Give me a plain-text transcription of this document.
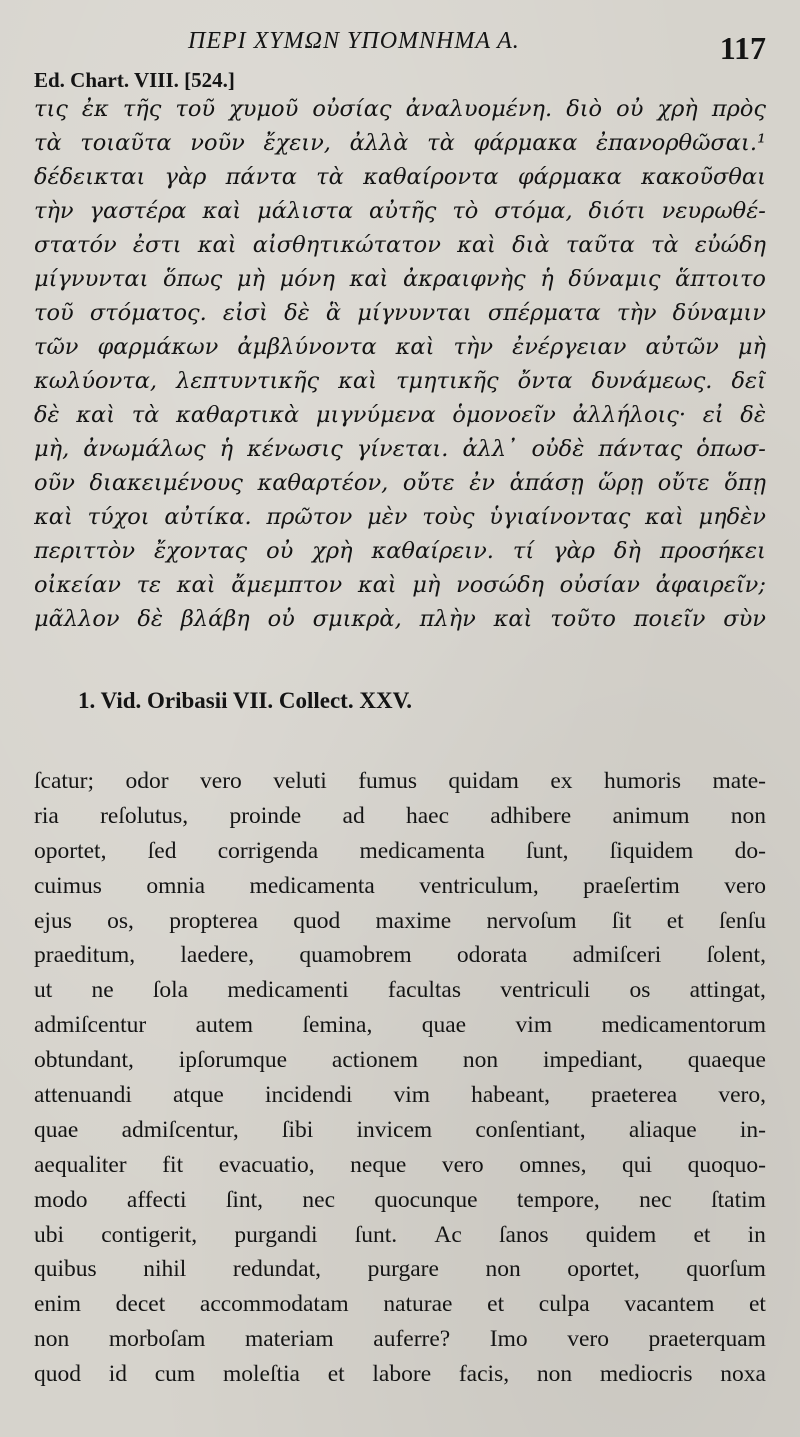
ΠΕΡΙ ΧΥΜΩΝ ΥΠΟΜΝΗΜΑ Α.	117
Ed. Chart. VIII. [524.]
τις ἐκ τῆς τοῦ χυμοῦ οὐσίας ἀναλυομένη. διὸ οὐ χρὴ πρὸς
τὰ τοιαῦτα νοῦν ἔχειν, ἀλλὰ τὰ φάρμακα ἐπανορθῶσαι.¹
δέδεικται γὰρ πάντα τὰ καθαίροντα φάρμακα κακοῦσθαι
τὴν γαστέρα καὶ μάλιστα αὐτῆς τὸ στόμα, διότι νευρωθέ-
στατόν ἐστι καὶ αἰσθητικώτατον καὶ διὰ ταῦτα τὰ εὐώδη
μίγνυνται ὅπως μὴ μόνη καὶ ἀκραιφνὴς ἡ δύναμις ἅπτοιτο
τοῦ στόματος. εἰσὶ δὲ ἃ μίγνυνται σπέρματα τὴν δύναμιν
τῶν φαρμάκων ἀμβλύνοντα καὶ τὴν ἐνέργειαν αὐτῶν μὴ
κωλύοντα, λεπτυντικῆς καὶ τμητικῆς ὄντα δυνάμεως. δεῖ
δὲ καὶ τὰ καθαρτικὰ μιγνύμενα ὁμονοεῖν ἀλλήλοις· εἰ δὲ
μὴ, ἀνωμάλως ἡ κένωσις γίνεται. ἀλλ᾽ οὐδὲ πάντας ὁπωσ-
οῦν διακειμένους καθαρτέον, οὔτε ἐν ἁπάσῃ ὥρῃ οὔτε ὅπῃ
καὶ τύχοι αὐτίκα. πρῶτον μὲν τοὺς ὑγιαίνοντας καὶ μηδὲν
περιττὸν ἔχοντας οὐ χρὴ καθαίρειν. τί γὰρ δὴ προσήκει
οἰκείαν τε καὶ ἄμεμπτον καὶ μὴ νοσώδη οὐσίαν ἀφαιρεῖν;
μᾶλλον δὲ βλάβη οὐ σμικρὰ, πλὴν καὶ τοῦτο ποιεῖν σὺν
1. Vid. Oribasii VII. Collect. XXV.
ſcatur; odor vero veluti fumus quidam ex humoris mate-
ria reſolutus, proinde ad haec adhibere animum non
oportet, ſed corrigenda medicamenta ſunt, ſiquidem do-
cuimus omnia medicamenta ventriculum, praeſertim vero
ejus os, propterea quod maxime nervoſum ſit et ſenſu
praeditum, laedere, quamobrem odorata admiſceri ſolent,
ut ne ſola medicamenti facultas ventriculi os attingat,
admiſcentur autem ſemina, quae vim medicamentorum
obtundant, ipſorumque actionem non impediant, quaeque
attenuandi atque incidendi vim habeant, praeterea vero,
quae admiſcentur, ſibi invicem conſentiant, aliaque in-
aequaliter fit evacuatio, neque vero omnes, qui quoquo-
modo affecti ſint, nec quocunque tempore, nec ſtatim
ubi contigerit, purgandi ſunt. Ac ſanos quidem et in
quibus nihil redundat, purgare non oportet, quorſum
enim decet accommodatam naturae et culpa vacantem et
non morboſam materiam auferre? Imo vero praeterquam
quod id cum moleſtia et labore facis, non mediocris noxa
